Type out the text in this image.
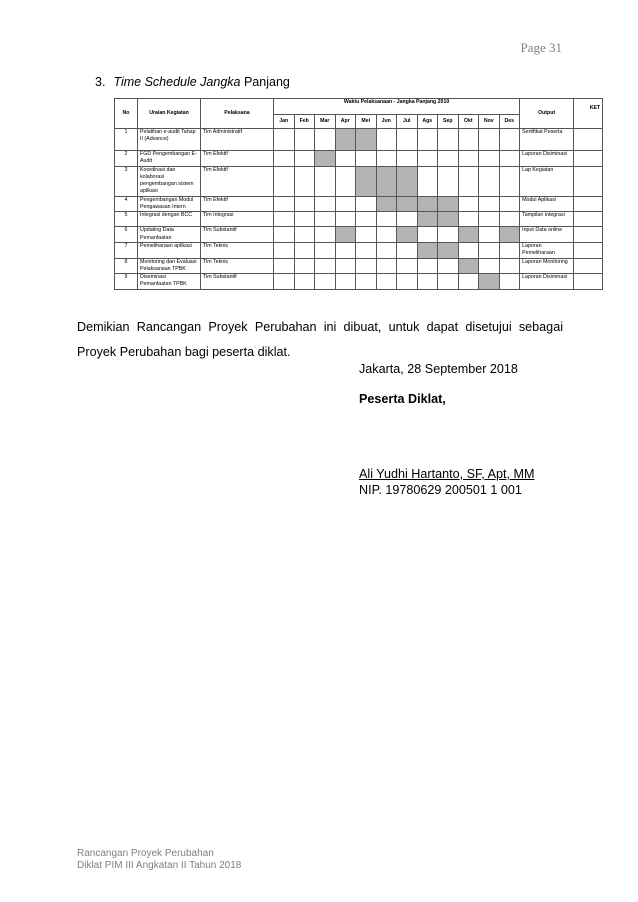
Page 31
3. Time Schedule Jangka Panjang
No	Uraian Kegiatan	Pelaksana	Waktu Pelaksanaan - Jangka Panjang 2010												Output	KET
			Jan	Feb	Mar	Apr	Mei	Jun	Jul	Ags	Sep	Okt	Nov	Des		
1	Pelatihan e-audit Tahap II (Advance)	Tim Administratif													Sertifikat Peserta	
2	FGD Pengembangan E-Audit	Tim Efektif													Laporan Disiminasi	
3	Koordinasi dan kolaborasi pengembangan sistem aplikasi	Tim Efektif													Lap Kegiatan	
4	Pengembangan Modul Pengawasan Intern	Tim Efektif													Modul Aplikasi	
5	Integrasi dengan BCC	Tim Integrasi													Tampilan integrasi	
6	Updating Data Pemanfaatan	Tim Substantif													Input Data online	
7	Pemeliharaan aplikasi	Tim Teknis													Laporan Pemeliharaan	
8	Monitoring dan Evaluasi Pelaksanaan TPBK	Tim Teknis													Laporan Monitoring	
9	Diseminasi Pemanfaatan TPBK	Tim Substantif													Laporan Disiminasi	
Demikian Rancangan Proyek Perubahan ini dibuat, untuk dapat disetujui sebagai Proyek Perubahan bagi peserta diklat.
Jakarta, 28 September 2018
Peserta Diklat,
Ali Yudhi Hartanto, SF, Apt, MM
NIP. 19780629 200501 1 001
Rancangan Proyek Perubahan
Diklat PIM III Angkatan II Tahun 2018
